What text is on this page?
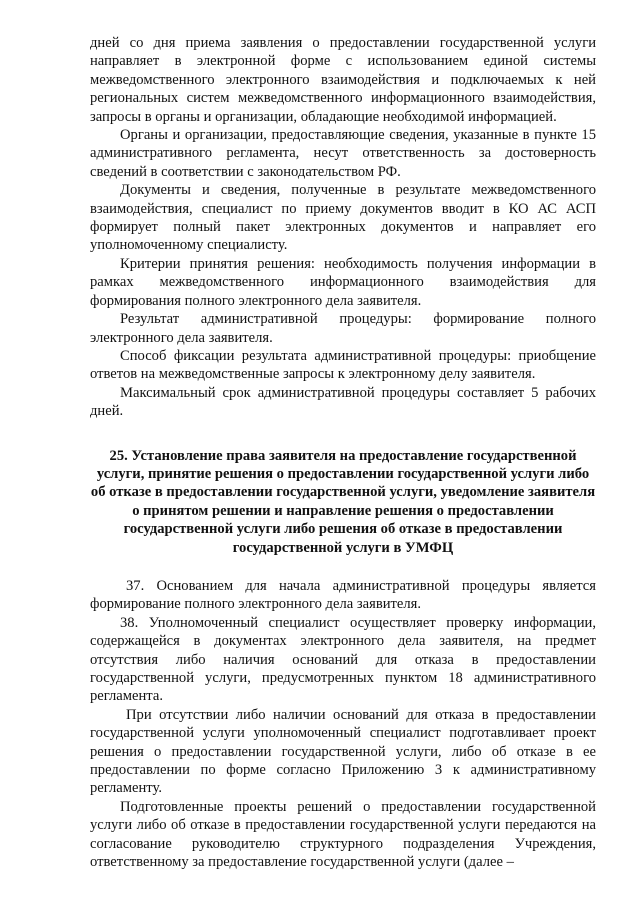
дней со дня приема заявления о предоставлении государственной услуги направляет в электронной форме с использованием единой системы межведомственного электронного взаимодействия и подключаемых к ней региональных систем межведомственного информационного взаимодействия, запросы в органы и организации, обладающие необходимой информацией.

Органы и организации, предоставляющие сведения, указанные в пункте 15 административного регламента, несут ответственность за достоверность сведений в соответствии с законодательством РФ.

Документы и сведения, полученные в результате межведомственного взаимодействия, специалист по приему документов вводит в КО АС АСП формирует полный пакет электронных документов и направляет его уполномоченному специалисту.

Критерии принятия решения: необходимость получения информации в рамках межведомственного информационного взаимодействия для формирования полного электронного дела заявителя.

Результат административной процедуры: формирование полного электронного дела заявителя.

Способ фиксации результата административной процедуры: приобщение ответов на межведомственные запросы к электронному делу заявителя.

Максимальный срок административной процедуры составляет 5 рабочих дней.

25. Установление права заявителя на предоставление государственной услуги, принятие решения о предоставлении государственной услуги либо об отказе в предоставлении государственной услуги, уведомление заявителя о принятом решении и направление решения о предоставлении государственной услуги либо решения об отказе в предоставлении государственной услуги в УМФЦ

37. Основанием для начала административной процедуры является формирование полного электронного дела заявителя.

38. Уполномоченный специалист осуществляет проверку информации, содержащейся в документах электронного дела заявителя, на предмет отсутствия либо наличия оснований для отказа в предоставлении государственной услуги, предусмотренных пунктом 18 административного регламента.

При отсутствии либо наличии оснований для отказа в предоставлении государственной услуги уполномоченный специалист подготавливает проект решения о предоставлении государственной услуги, либо об отказе в ее предоставлении по форме согласно Приложению 3 к административному регламенту.

Подготовленные проекты решений о предоставлении государственной услуги либо об отказе в предоставлении государственной услуги передаются на согласование руководителю структурного подразделения Учреждения, ответственному за предоставление государственной услуги (далее –
